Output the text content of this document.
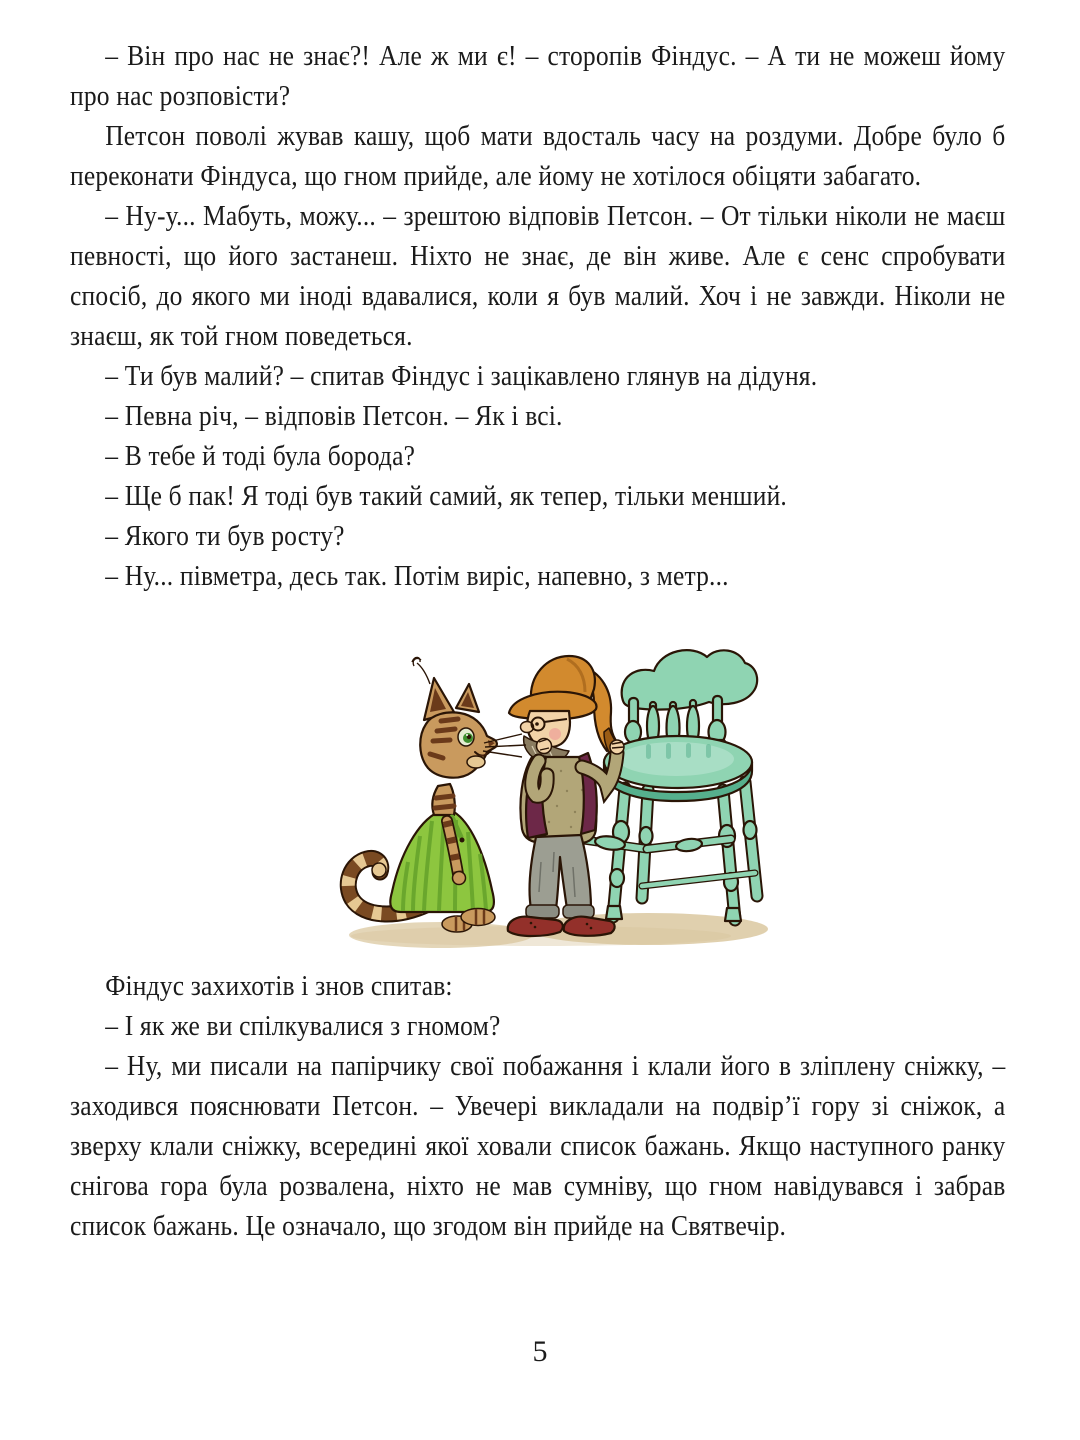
– Він про нас не знає?! Але ж ми є! – сторопів Фіндус. – А ти не можеш йому про нас розповісти?

Петсон поволі жував кашу, щоб мати вдосталь часу на роздуми. Добре було б переконати Фіндуса, що гном прийде, але йому не хотілося обіцяти забагато.

– Ну-у... Мабуть, можу... – зрештою відповів Петсон. – От тільки ніколи не маєш певності, що його застанеш. Ніхто не знає, де він живе. Але є сенс спробувати спосіб, до якого ми іноді вдавалися, коли я був малий. Хоч і не завжди. Ніколи не знаєш, як той гном поведеться.

– Ти був малий? – спитав Фіндус і зацікавлено глянув на дідуня.

– Певна річ, – відповів Петсон. – Як і всі.

– В тебе й тоді була борода?

– Ще б пак! Я тоді був такий самий, як тепер, тільки менший.

– Якого ти був росту?

– Ну... півметра, десь так. Потім виріс, напевно, з метр...

Фіндус захихотів і знов спитав:

– І як же ви спілкувалися з гномом?

– Ну, ми писали на папірчику свої побажання і клали його в зліплену сніжку, – заходився пояснювати Петсон. – Увечері викладали на подвір’ї гору зі сніжок, а зверху клали сніжку, всередині якої ховали список бажань. Якщо наступного ранку снігова гора була розвалена, ніхто не мав сумніву, що гном навідувався і забрав список бажань. Це означало, що згодом він прийде на Святвечір.

5
